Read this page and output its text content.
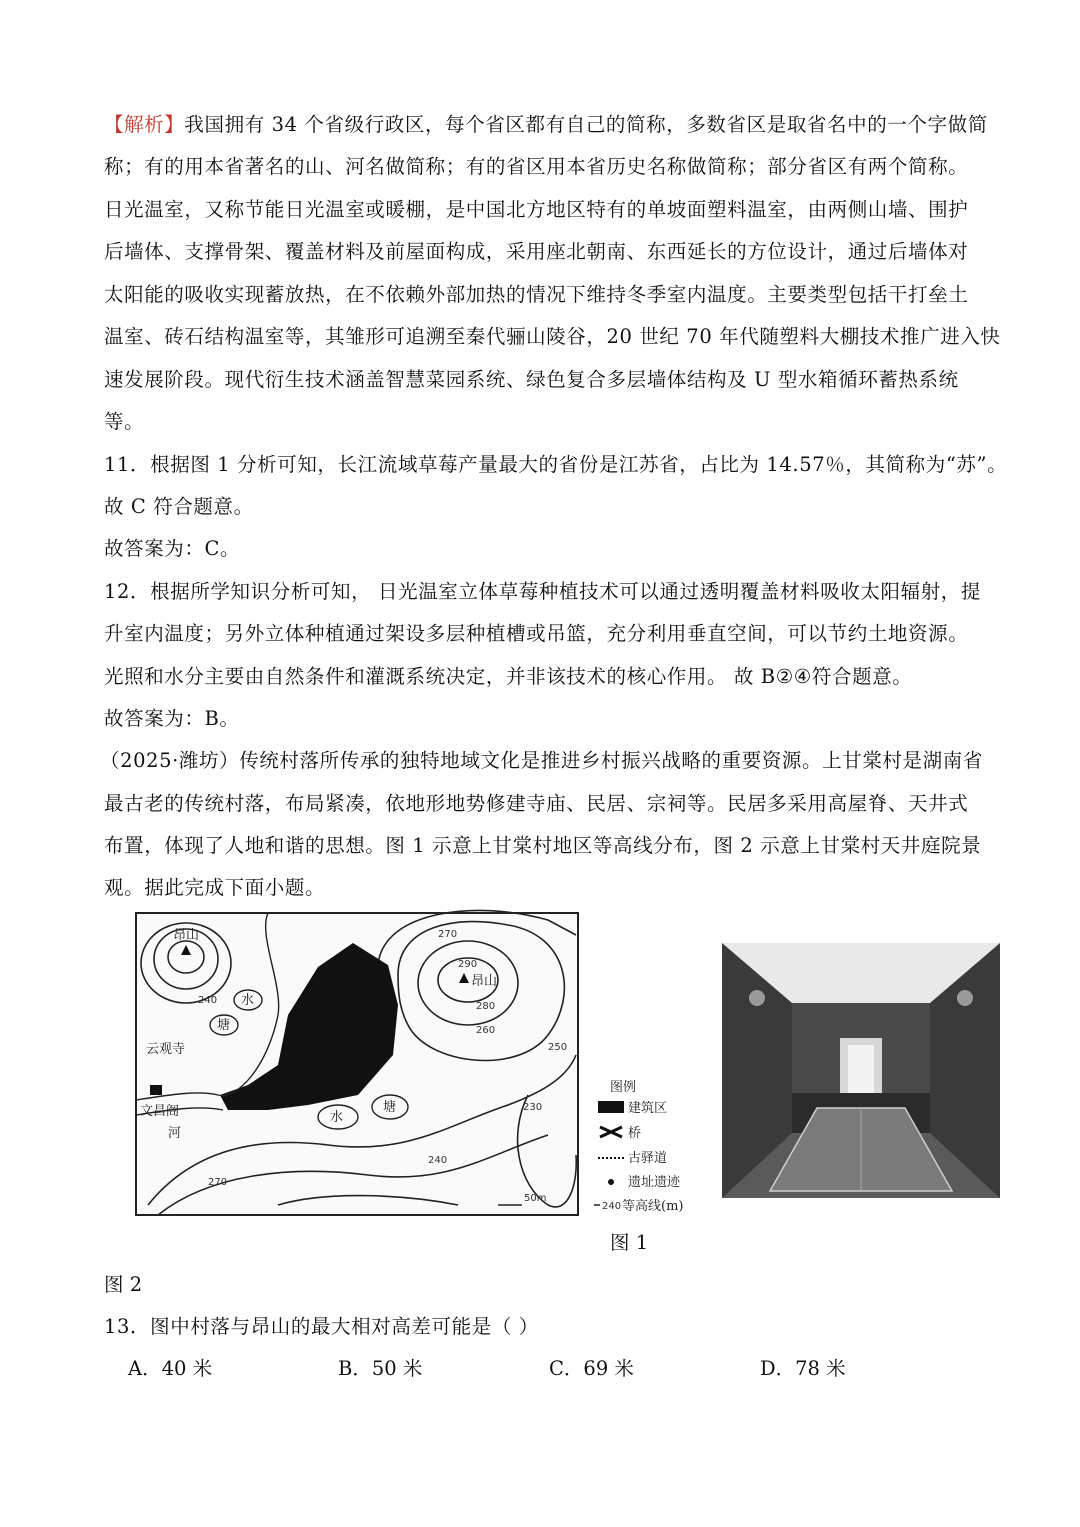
【解析】我国拥有 34 个省级行政区，每个省区都有自己的简称，多数省区是取省名中的一个字做简
称；有的用本省著名的山、河名做简称；有的省区用本省历史名称做简称；部分省区有两个简称。
日光温室，又称节能日光温室或暖棚，是中国北方地区特有的单坡面塑料温室，由两侧山墙、围护
后墙体、支撑骨架、覆盖材料及前屋面构成，采用座北朝南、东西延长的方位设计，通过后墙体对
太阳能的吸收实现蓄放热，在不依赖外部加热的情况下维持冬季室内温度。主要类型包括干打垒土
温室、砖石结构温室等，其雏形可追溯至秦代骊山陵谷，20 世纪 70 年代随塑料大棚技术推广进入快
速发展阶段。现代衍生技术涵盖智慧菜园系统、绿色复合多层墙体结构及 U 型水箱循环蓄热系统
等。
11．根据图 1 分析可知，长江流域草莓产量最大的省份是江苏省，占比为 14.57％，其简称为“苏”。
故 C 符合题意。
故答案为：C。
12．根据所学知识分析可知， 日光温室立体草莓种植技术可以通过透明覆盖材料吸收太阳辐射，提
升室内温度；另外立体种植通过架设多层种植槽或吊篮，充分利用垂直空间，可以节约土地资源。
光照和水分主要由自然条件和灌溉系统决定，并非该技术的核心作用。 故 B②④符合题意。
故答案为：B。
（2025·潍坊）传统村落所传承的独特地域文化是推进乡村振兴战略的重要资源。上甘棠村是湖南省
最古老的传统村落，布局紧凑，依地形地势修建寺庙、民居、宗祠等。民居多采用高屋脊、天井式
布置，体现了人地和谐的思想。图 1 示意上甘棠村地区等高线分布，图 2 示意上甘棠村天井庭院景
观。据此完成下面小题。
昂山
昂山
水
塘
水
塘
云观寺
文昌阁
河
240
270
290
280
260
250
230
240
270
50m
图例
建筑区
桥
古驿道
遗址遗迹
240 等高线(m)
图 1
图 2
13．图中村落与昂山的最大相对高差可能是（ ）
A．40 米	B．50 米	C．69 米	D．78 米
